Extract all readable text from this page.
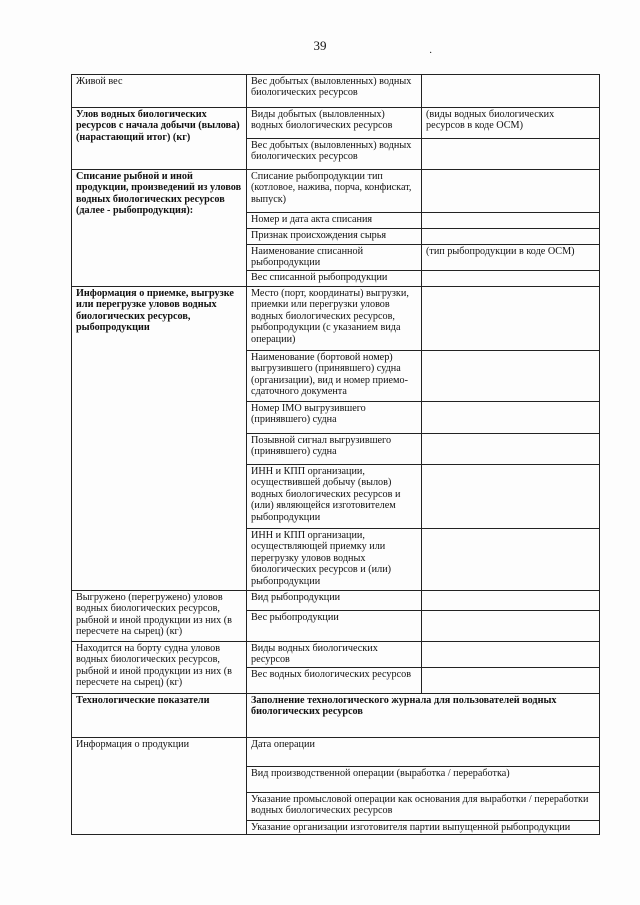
39
·
Живой вес	Вес добытых (выловленных) водных биологических ресурсов	
Улов водных биологических ресурсов с начала добычи (вылова) (нарастающий итог) (кг)	Виды добытых (выловленных) водных биологических ресурсов	(виды водных биологических ресурсов в коде ОСМ)
	Вес добытых (выловленных) водных биологических ресурсов	
Списание рыбной и иной продукции, произведений из уловов водных биологических ресурсов (далее - рыбопродукция):	Списание рыбопродукции тип (котловое, нажива, порча, конфискат, выпуск)	
	Номер и дата акта списания	
	Признак происхождения сырья	
	Наименование списанной рыбопродукции	(тип рыбопродукции в коде ОСМ)
	Вес списанной рыбопродукции	
Информация о приемке, выгрузке или перегрузке уловов водных биологических ресурсов, рыбопродукции	Место (порт, координаты) выгрузки, приемки или перегрузки уловов водных биологических ресурсов, рыбопродукции (с указанием вида операции)	
	Наименование (бортовой номер) выгрузившего (принявшего) судна (организации), вид и номер приемо-сдаточного документа	
	Номер IMO выгрузившего (принявшего) судна	
	Позывной сигнал выгрузившего (принявшего) судна	
	ИНН и КПП организации, осуществившей добычу (вылов) водных биологических ресурсов и (или) являющейся изготовителем рыбопродукции	
	ИНН и КПП организации, осуществляющей приемку или перегрузку уловов водных биологических ресурсов и (или) рыбопродукции	
Выгружено (перегружено) уловов водных биологических ресурсов, рыбной и иной продукции из них (в пересчете на сырец) (кг)	Вид рыбопродукции	
	Вес рыбопродукции	
Находится на борту судна уловов водных биологических ресурсов, рыбной и иной продукции из них (в пересчете на сырец) (кг)	Виды водных биологических ресурсов	
	Вес водных биологических ресурсов	
Технологические показатели	Заполнение технологического журнала для пользователей водных биологических ресурсов	
Информация о продукции	Дата операции	
	Вид производственной операции (выработка / переработка)	
	Указание промысловой операции как основания для выработки / переработки водных биологических ресурсов	
	Указание организации изготовителя партии выпущенной рыбопродукции	
